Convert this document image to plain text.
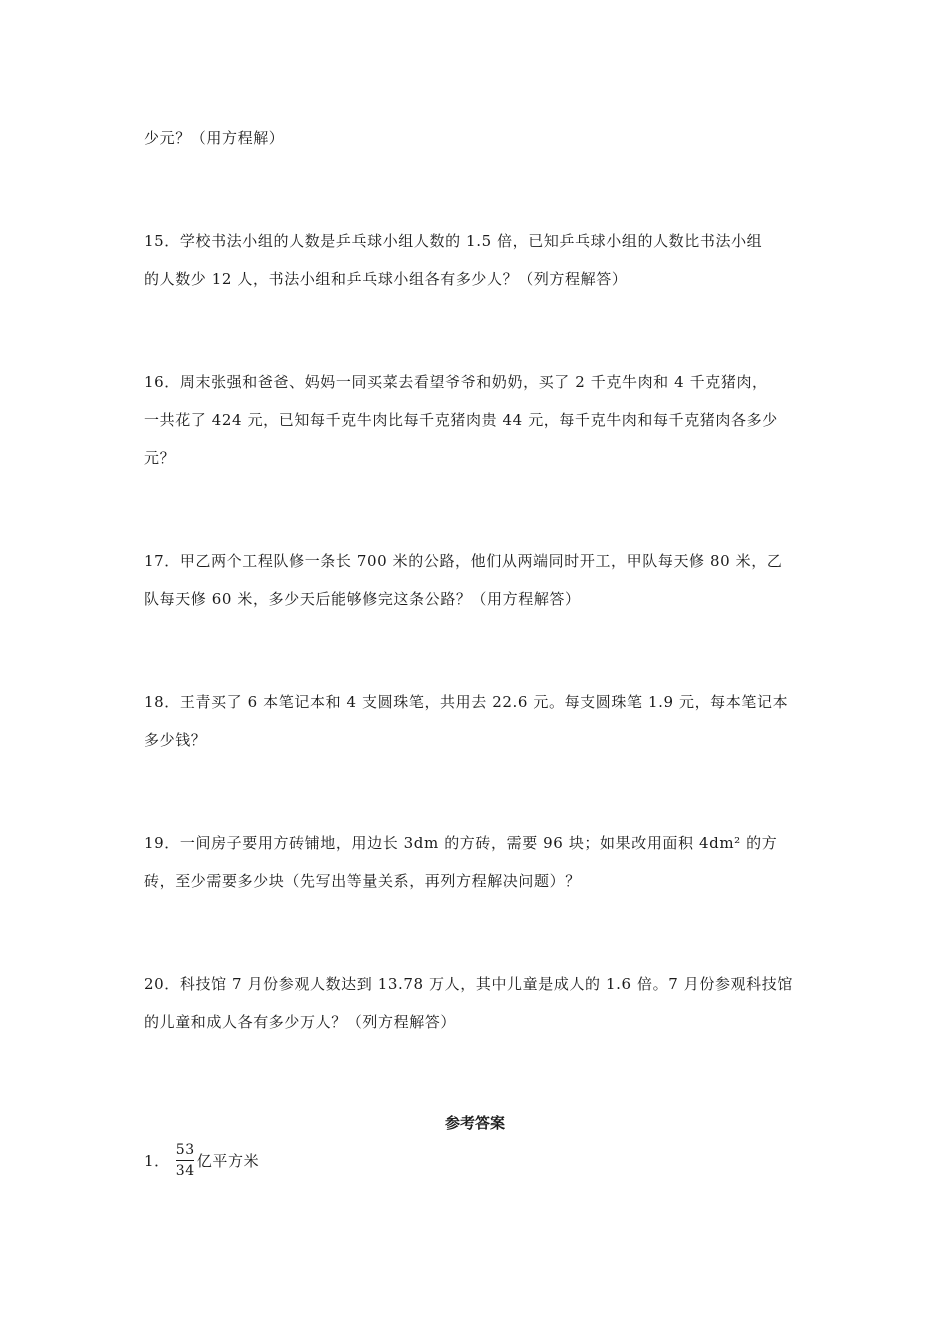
少元？（用方程解）
15．学校书法小组的人数是乒乓球小组人数的 1.5 倍，已知乒乓球小组的人数比书法小组
的人数少 12 人，书法小组和乒乓球小组各有多少人？（列方程解答）
16．周末张强和爸爸、妈妈一同买菜去看望爷爷和奶奶，买了 2 千克牛肉和 4 千克猪肉，
一共花了 424 元，已知每千克牛肉比每千克猪肉贵 44 元，每千克牛肉和每千克猪肉各多少
元？
17．甲乙两个工程队修一条长 700 米的公路，他们从两端同时开工，甲队每天修 80 米，乙
队每天修 60 米，多少天后能够修完这条公路？（用方程解答）
18．王青买了 6 本笔记本和 4 支圆珠笔，共用去 22.6 元。每支圆珠笔 1.9 元，每本笔记本
多少钱？
19．一间房子要用方砖铺地，用边长 3dm 的方砖，需要 96 块；如果改用面积 4dm² 的方
砖，至少需要多少块（先写出等量关系，再列方程解决问题）？
20．科技馆 7 月份参观人数达到 13.78 万人，其中儿童是成人的 1.6 倍。7 月份参观科技馆
的儿童和成人各有多少万人？（列方程解答）
参考答案
1． $\frac{53}{34}$ 亿平方米
